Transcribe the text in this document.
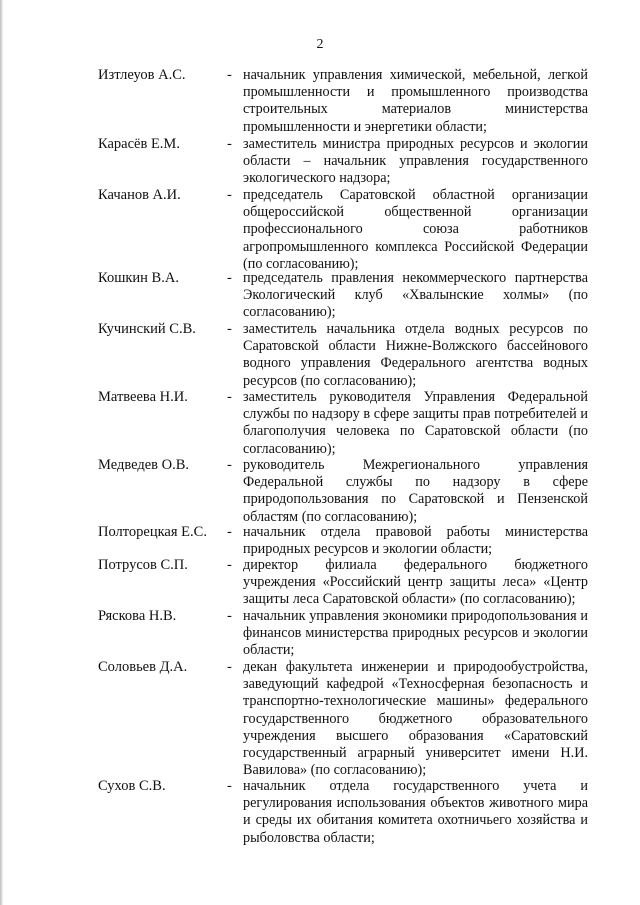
2
Изтлеуов А.С.	- начальник управления химической, мебельной, легкой промышленности и промышленного производства строительных материалов министерства промышленности и энергетики области;
Карасёв Е.М.	- заместитель министра природных ресурсов и экологии области – начальник управления государственного экологического надзора;
Качанов А.И.	- председатель Саратовской областной организации общероссийской общественной организации профессионального союза работников агропромышленного комплекса Российской Федерации (по согласованию);
Кошкин В.А.	- председатель правления некоммерческого партнерства Экологический клуб «Хвалынские холмы» (по согласованию);
Кучинский С.В. - заместитель начальника отдела водных ресурсов по Саратовской области Нижне-Волжского бассейнового водного управления Федерального агентства водных ресурсов (по согласованию);
Матвеева Н.И.	- заместитель руководителя Управления Федеральной службы по надзору в сфере защиты прав потребителей и благополучия человека по Саратовской области (по согласованию);
Медведев О.В.	- руководитель Межрегионального управления Федеральной службы по надзору в сфере природопользования по Саратовской и Пензенской областям (по согласованию);
Полторецкая Е.С. - начальник отдела правовой работы министерства природных ресурсов и экологии области;
Потрусов С.П.	- директор филиала федерального бюджетного учреждения «Российский центр защиты леса» «Центр защиты леса Саратовской области» (по согласованию);
Ряскова Н.В.	- начальник управления экономики природопользования и финансов министерства природных ресурсов и экологии области;
Соловьев Д.А.	- декан факультета инженерии и природообустройства, заведующий кафедрой «Техносферная безопасность и транспортно-технологические машины» федерального государственного бюджетного образовательного учреждения высшего образования «Саратовский государственный аграрный университет имени Н.И. Вавилова» (по согласованию);
Сухов С.В.	- начальник отдела государственного учета и регулирования использования объектов животного мира и среды их обитания комитета охотничьего хозяйства и рыболовства области;
